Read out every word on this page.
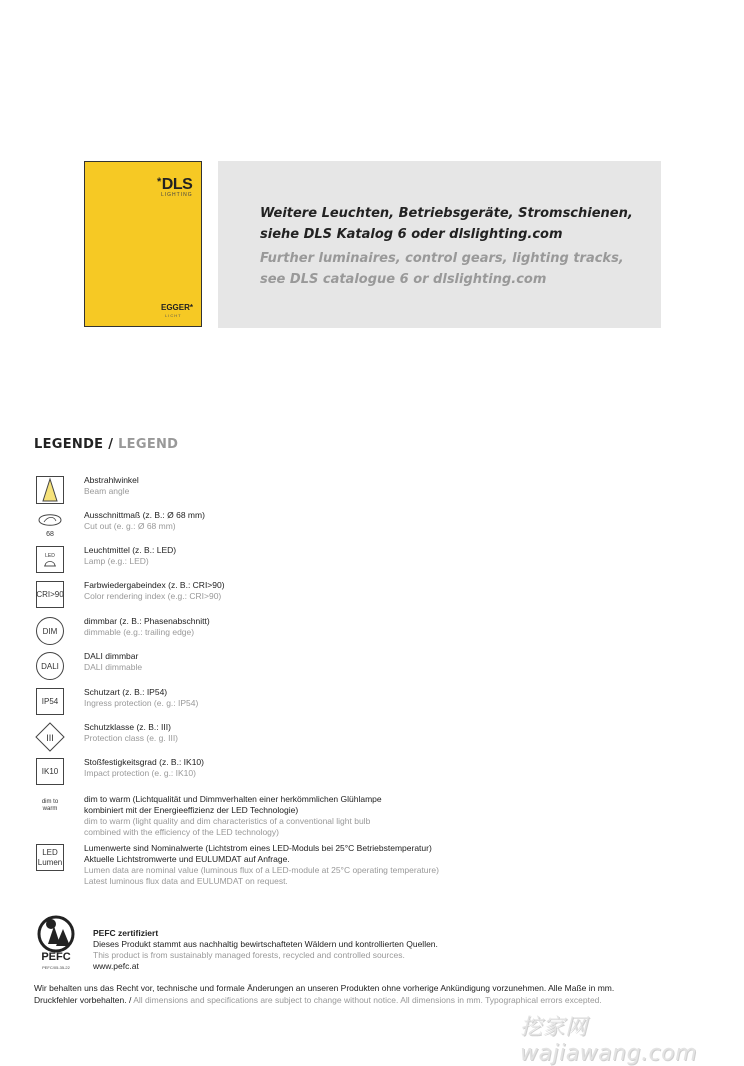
*DLS
LIGHTING
EGGER*
LICHT
Weitere Leuchten, Betriebsgeräte, Stromschienen,
siehe DLS Katalog 6 oder dlslighting.com
Further luminaires, control gears, lighting tracks,
see DLS catalogue 6 or dlslighting.com
LEGENDE / LEGEND
Abstrahlwinkel
Beam angle
68
Ausschnittmaß (z. B.: Ø 68 mm)
Cut out (e. g.: Ø 68 mm)
LED
Leuchtmittel (z. B.: LED)
Lamp (e.g.: LED)
CRI>90
Farbwiedergabeindex (z. B.: CRI>90)
Color rendering index (e.g.: CRI>90)
DIM
dimmbar (z. B.: Phasenabschnitt)
dimmable (e.g.: trailing edge)
DALI
DALI dimmbar
DALI dimmable
IP54
Schutzart (z. B.: IP54)
Ingress protection (e. g.: IP54)
III
Schutzklasse (z. B.: III)
Protection class (e. g. III)
IK10
Stoßfestigkeitsgrad (z. B.: IK10)
Impact protection (e. g.: IK10)
dim to
warm
dim to warm (Lichtqualität und Dimmverhalten einer herkömmlichen Glühlampe
kombiniert mit der Energieeffizienz der LED Technologie)
dim to warm (light quality and dim characteristics of a conventional light bulb
combined with the efficiency of the LED technology)
LED
Lumen
Lumenwerte sind Nominalwerte (Lichtstrom eines LED-Moduls bei 25°C Betriebstemperatur)
Aktuelle Lichtstromwerte und EULUMDAT auf Anfrage.
Lumen data are nominal value (luminous flux of a LED-module at 25°C operating temperature)
Latest luminous flux data and EULUMDAT on request.
PEFC
PEFC/05-35-22
PEFC zertifiziert
Dieses Produkt stammt aus nachhaltig bewirtschafteten Wäldern und kontrollierten Quellen.
This product is from sustainably managed forests, recycled and controlled sources.
www.pefc.at
Wir behalten uns das Recht vor, technische und formale Änderungen an unseren Produkten ohne vorherige Ankündigung vorzunehmen. Alle Maße in mm.
Druckfehler vorbehalten. / All dimensions and specifications are subject to change without notice. All dimensions in mm. Typographical errors excepted.
挖家网 wajiawang.com
